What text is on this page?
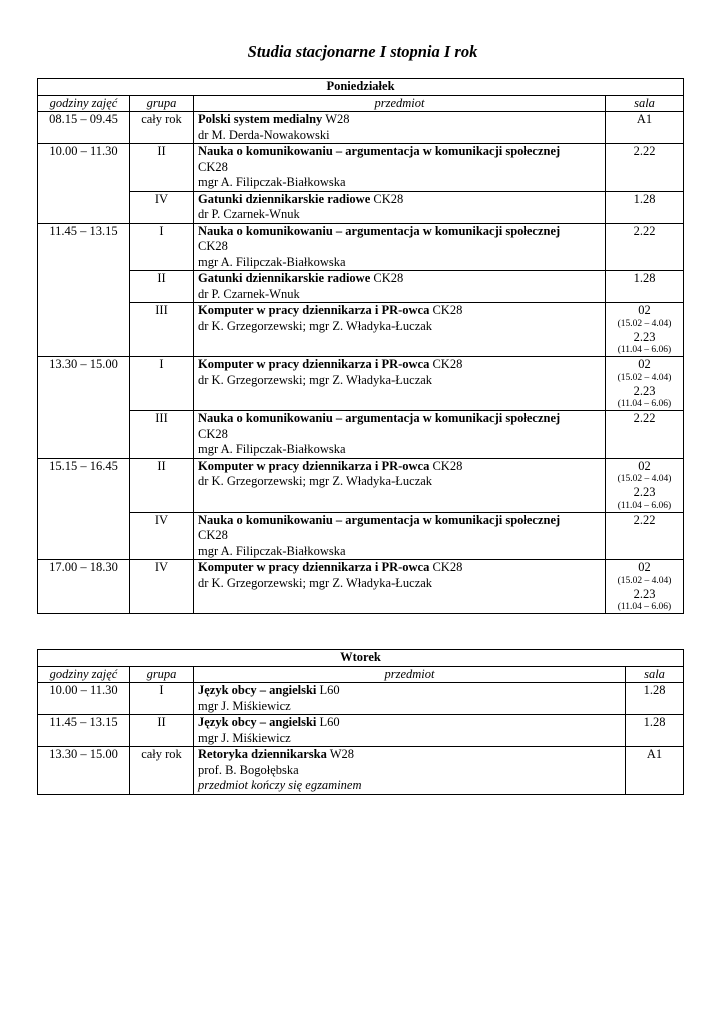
Studia stacjonarne I stopnia I rok
Poniedziałek			
godziny zajęć	grupa	przedmiot	sala
08.15 – 09.45	cały rok	Polski system medialny W28
dr M. Derda-Nowakowski	A1
10.00 – 11.30	II	Nauka o komunikowaniu – argumentacja w komunikacji społecznej
CK28
mgr A. Filipczak-Białkowska	2.22
	IV	Gatunki dziennikarskie radiowe CK28
dr P. Czarnek-Wnuk	1.28
11.45 – 13.15	I	Nauka o komunikowaniu – argumentacja w komunikacji społecznej
CK28
mgr A. Filipczak-Białkowska	2.22
	II	Gatunki dziennikarskie radiowe CK28
dr P. Czarnek-Wnuk	1.28
	III	Komputer w pracy dziennikarza i PR-owca CK28
dr K. Grzegorzewski; mgr Z. Władyka-Łuczak	02
(15.02 – 4.04)
2.23
(11.04 – 6.06)

13.30 – 15.00	I	Komputer w pracy dziennikarza i PR-owca CK28
dr K. Grzegorzewski; mgr Z. Władyka-Łuczak	02
(15.02 – 4.04)
2.23
(11.04 – 6.06)

	III	Nauka o komunikowaniu – argumentacja w komunikacji społecznej
CK28
mgr A. Filipczak-Białkowska	2.22
15.15 – 16.45	II	Komputer w pracy dziennikarza i PR-owca CK28
dr K. Grzegorzewski; mgr Z. Władyka-Łuczak	02
(15.02 – 4.04)
2.23
(11.04 – 6.06)

	IV	Nauka o komunikowaniu – argumentacja w komunikacji społecznej
CK28
mgr A. Filipczak-Białkowska	2.22
17.00 – 18.30	IV	Komputer w pracy dziennikarza i PR-owca CK28
dr K. Grzegorzewski; mgr Z. Władyka-Łuczak	02
(15.02 – 4.04)
2.23
(11.04 – 6.06)
Wtorek			
godziny zajęć	grupa	przedmiot	sala
10.00 – 11.30	I	Język obcy – angielski L60
mgr J. Miśkiewicz	1.28
11.45 – 13.15	II	Język obcy – angielski L60
mgr J. Miśkiewicz	1.28
13.30 – 15.00	cały rok	Retoryka dziennikarska W28
prof. B. Bogołębska
przedmiot kończy się egzaminem	A1
